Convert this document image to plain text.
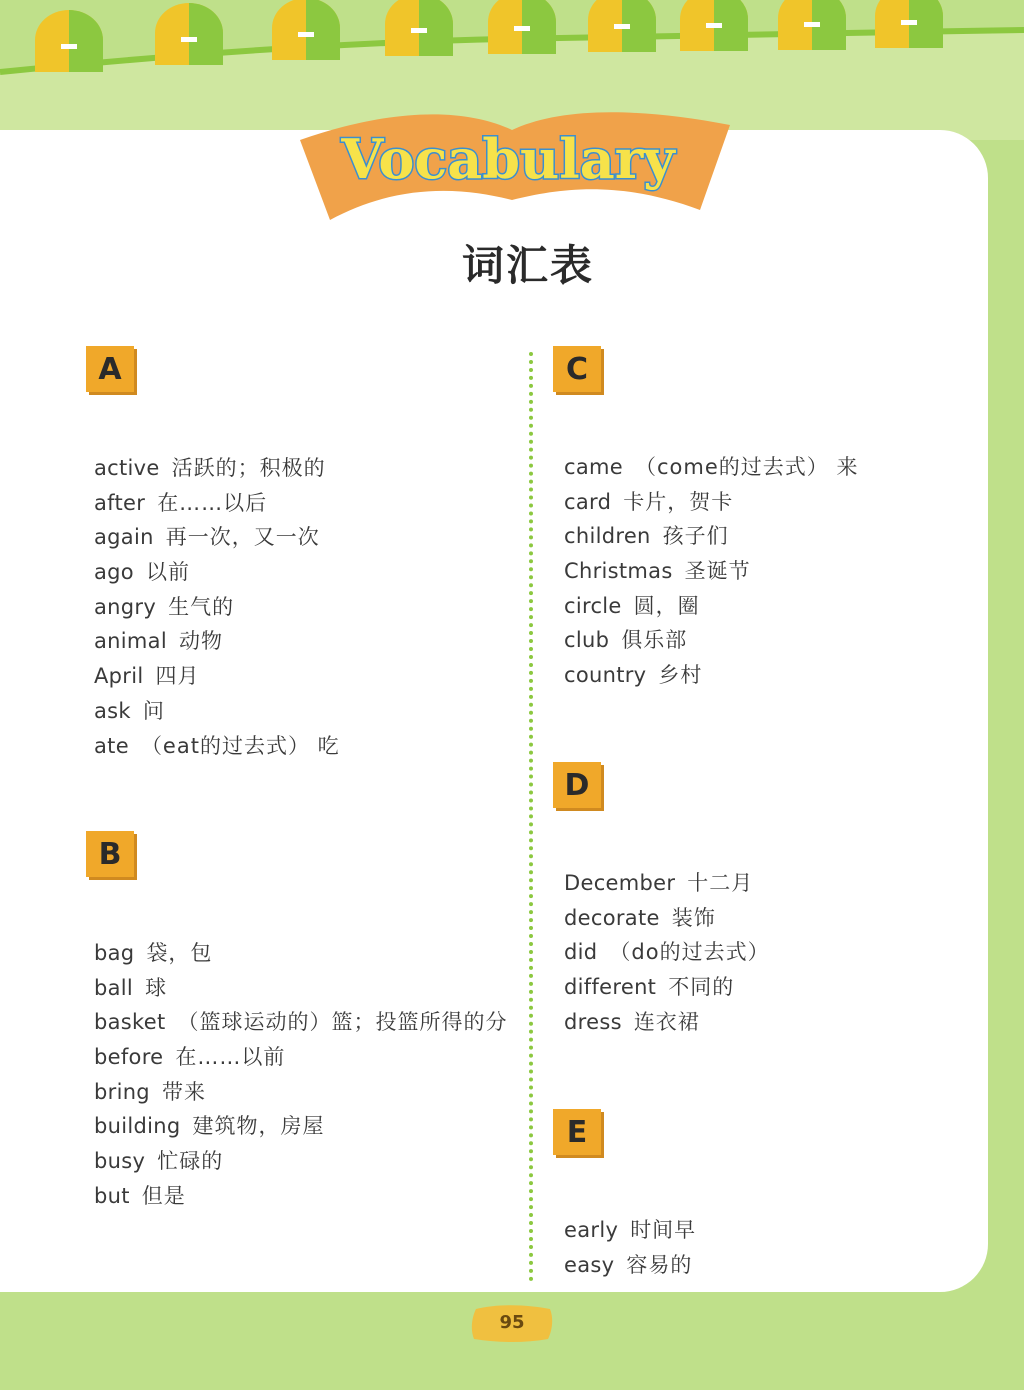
Vocabulary
词汇表
A
B
C
D
E
active 活跃的；积极的
after 在……以后
again 再一次，又一次
ago 以前
angry 生气的
animal 动物
April 四月
ask 问
ate （eat的过去式） 吃
bag 袋，包
ball 球
basket （篮球运动的）篮；投篮所得的分
before 在……以前
bring 带来
building 建筑物，房屋
busy 忙碌的
but 但是
came （come的过去式） 来
card 卡片，贺卡
children 孩子们
Christmas 圣诞节
circle 圆，圈
club 俱乐部
country 乡村
December 十二月
decorate 装饰
did （do的过去式）
different 不同的
dress 连衣裙
early 时间早
easy 容易的
95
